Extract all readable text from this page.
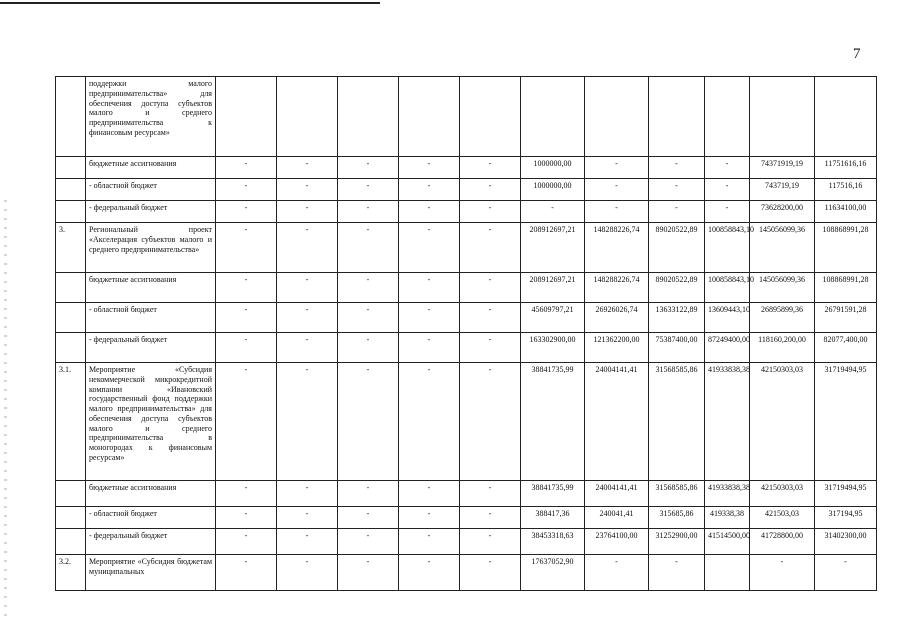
7
	поддержки малого предпринимательства» для обеспечения доступа субъектов малого и среднего предпринимательства к финансовым ресурсам»											
	бюджетные ассигнования	-	-	-	-	-	1000000,00	-	-	-	74371919,19	11751616,16
	- областной бюджет	-	-	-	-	-	1000000,00	-	-	-	743719,19	117516,16
	- федеральный бюджет	-	-	-	-	-	-	-	-	-	73628200,00	11634100,00
3.	Региональный проект «Акселерация субъектов малого и среднего предпринимательства»	-	-	-	-	-	208912697,21	148288226,74	89020522,89	100858843,10	145056099,36	108868991,28
	бюджетные ассигнования	-	-	-	-	-	208912697,21	148288226,74	89020522,89	100858843,10	145056099,36	108868991,28
	- областной бюджет	-	-	-	-	-	45609797,21	26926026,74	13633122,89	13609443,10	26895899,36	26791591,28
	- федеральный бюджет	-	-	-	-	-	163302900,00	121362200,00	75387400,00	87249400,00	118160,200,00	82077,400,00
3.1.	Мероприятие «Субсидия некоммерческой микрокредитной компании «Ивановский государственный фонд поддержки малого предпринимательства» для обеспечения доступа субъектов малого и среднего предпринимательства в моногородах к финансовым ресурсам»	-	-	-	-	-	38841735,99	24004141,41	31568585,86	41933838,38	42150303,03	31719494,95
	бюджетные ассигнования	-	-	-	-	-	38841735,99	24004141,41	31568585,86	41933838,38	42150303,03	31719494,95
	- областной бюджет	-	-	-	-	-	388417,36	240041,41	315685,86	419338,38	421503,03	317194,95
	- федеральный бюджет	-	-	-	-	-	38453318,63	23764100,00	31252900,00	41514500,00	41728800,00	31402300,00
3.2.	Мероприятие «Субсидия бюджетам муниципальных	-	-	-	-	-	17637052,90	-	-		-	-
